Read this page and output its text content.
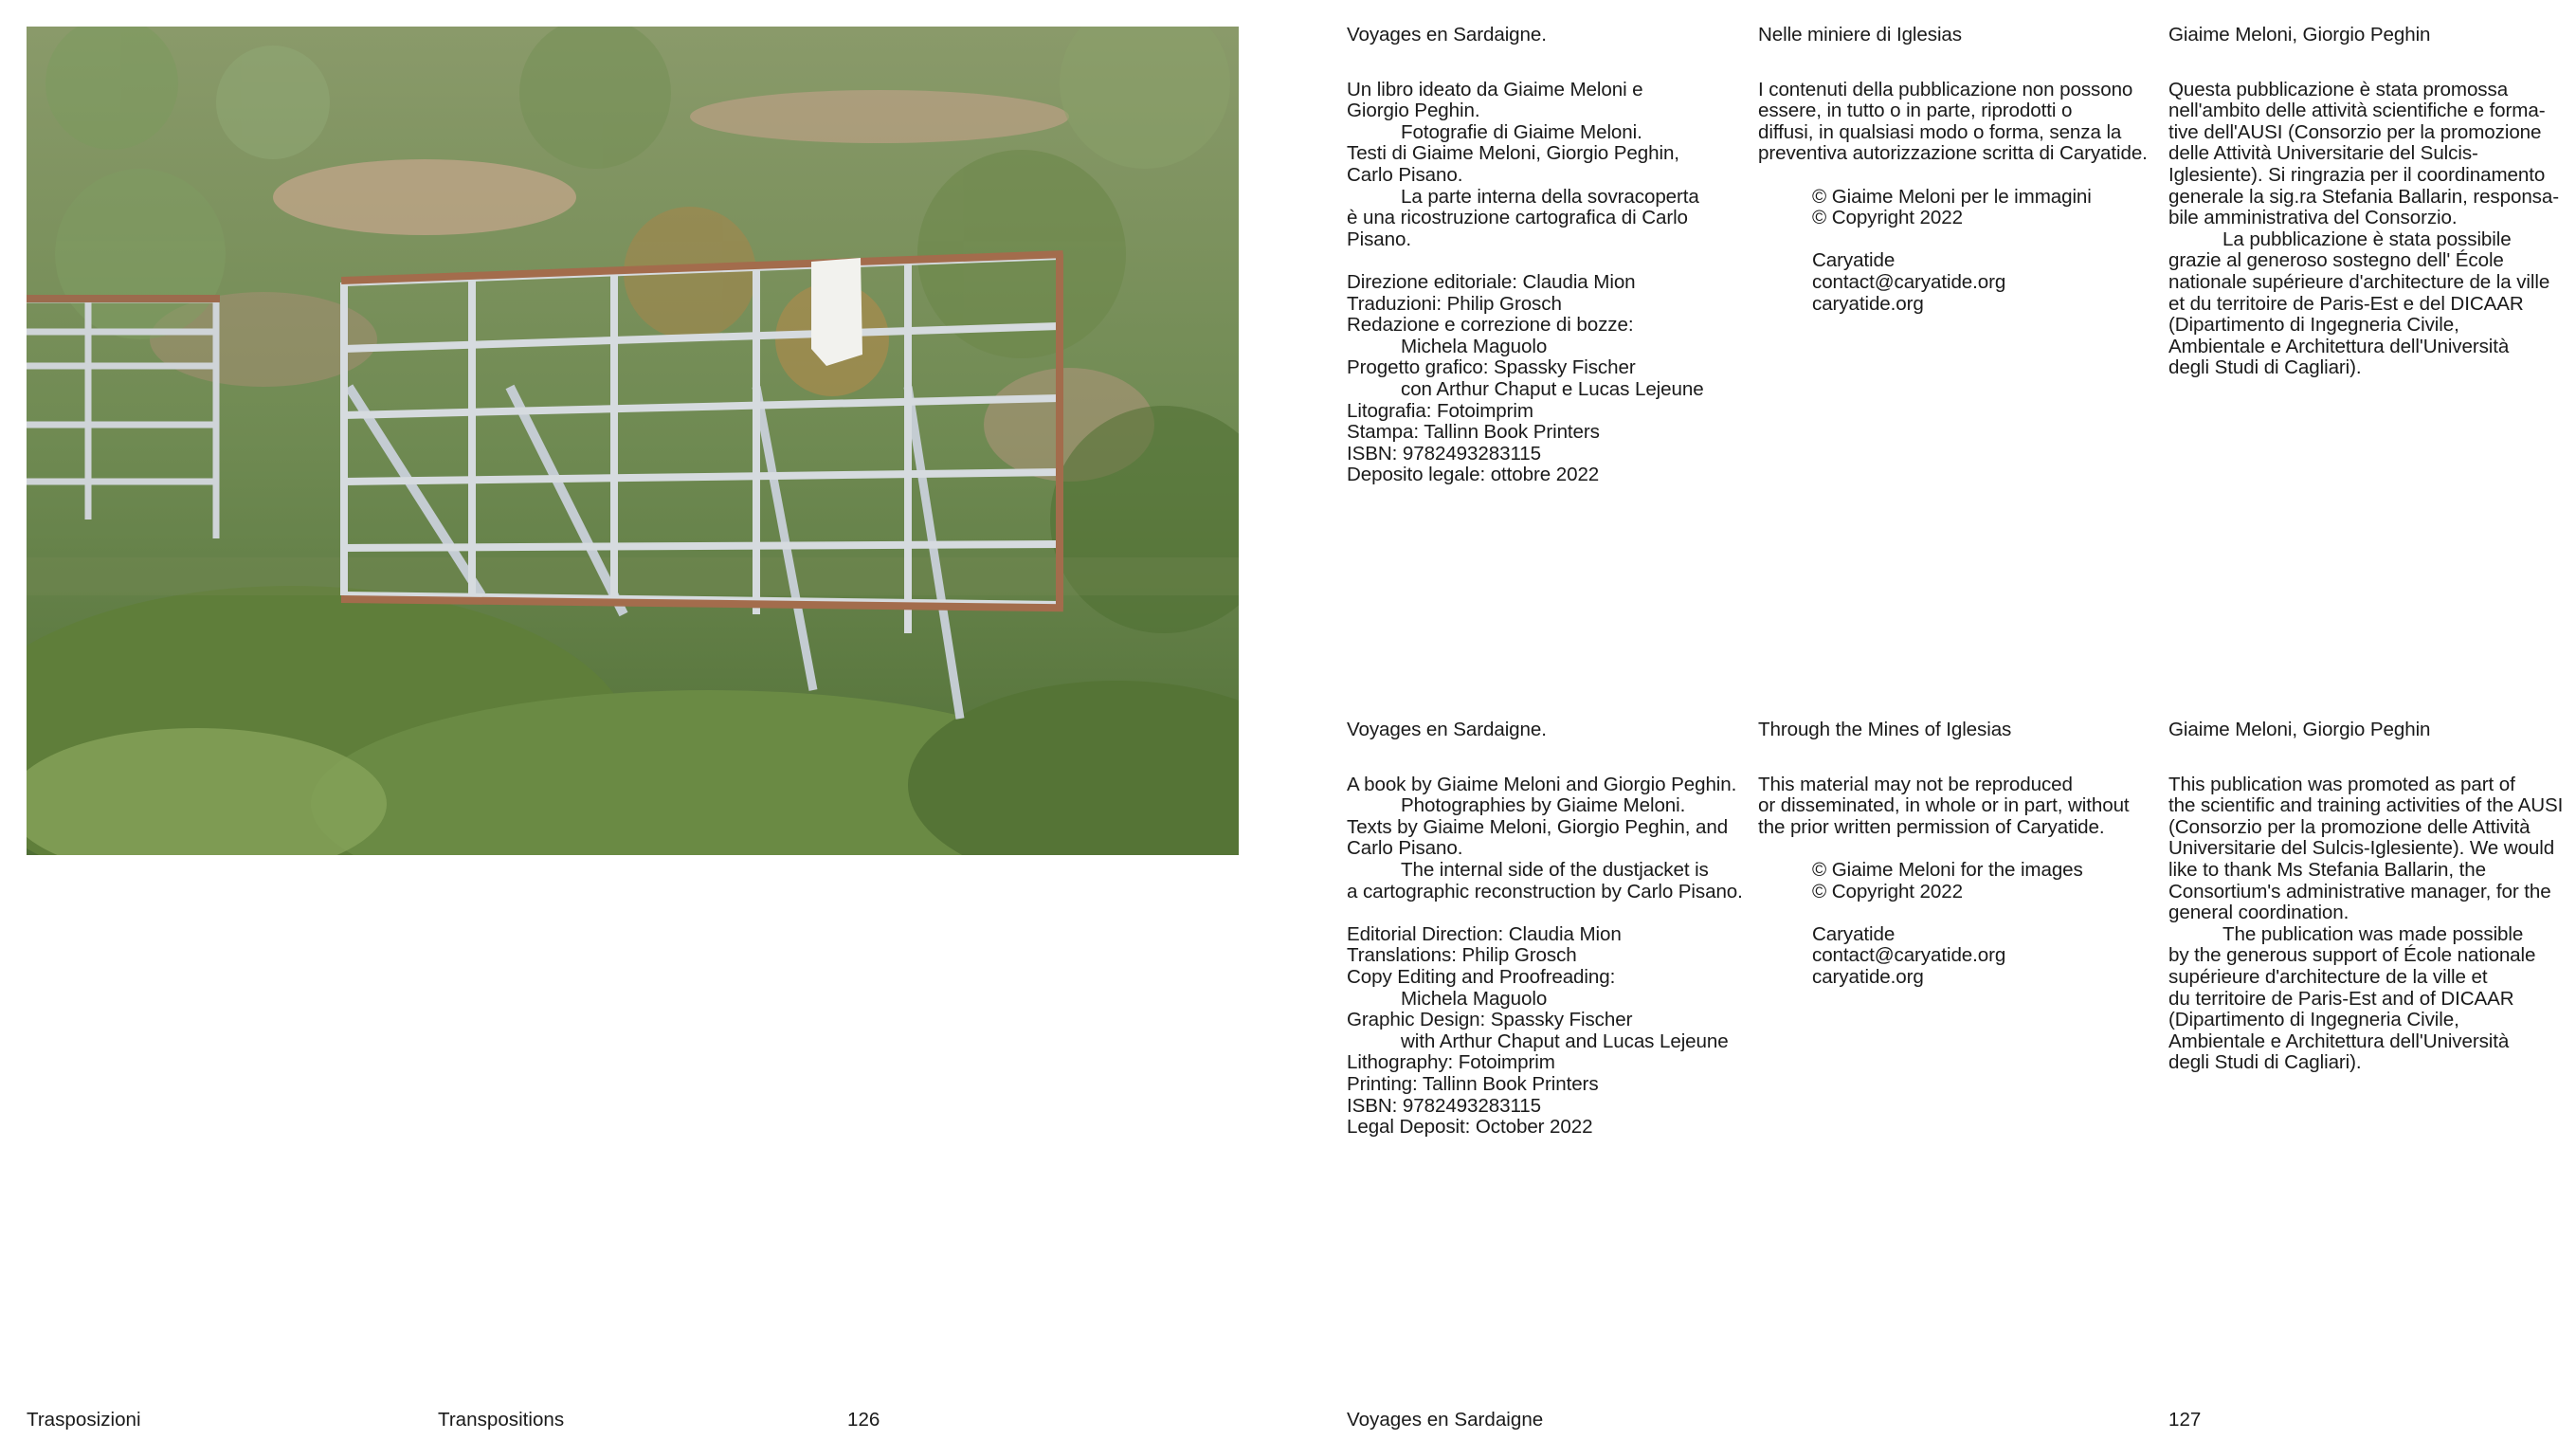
Voyages en Sardaigne.
Un libro ideato da Giaime Meloni e
Giorgio Peghin.
Fotografie di Giaime Meloni.
Testi di Giaime Meloni, Giorgio Peghin,
Carlo Pisano.
La parte interna della sovracoperta
è una ricostruzione cartografica di Carlo
Pisano.
Direzione editoriale: Claudia Mion
Traduzioni: Philip Grosch
Redazione e correzione di bozze:
Michela Maguolo
Progetto grafico: Spassky Fischer
con Arthur Chaput e Lucas Lejeune
Litografia: Fotoimprim
Stampa: Tallinn Book Printers
ISBN: 9782493283115
Deposito legale: ottobre 2022
Nelle miniere di Iglesias
I contenuti della pubblicazione non possono
essere, in tutto o in parte, riprodotti o
diffusi, in qualsiasi modo o forma, senza la
preventiva autorizzazione scritta di Caryatide.
© Giaime Meloni per le immagini
© Copyright 2022
Caryatide
contact@caryatide.org
caryatide.org
Giaime Meloni, Giorgio Peghin
Questa pubblicazione è stata promossa
nell'ambito delle attività scientifiche e forma-
tive dell'AUSI (Consorzio per la promozione
delle Attività Universitarie del Sulcis-
Iglesiente). Si ringrazia per il coordinamento
generale la sig.ra Stefania Ballarin, responsa-
bile amministrativa del Consorzio.
La pubblicazione è stata possibile
grazie al generoso sostegno dell' École
nationale supérieure d'architecture de la ville
et du territoire de Paris-Est e del DICAAR
(Dipartimento di Ingegneria Civile,
Ambientale e Architettura dell'Università
degli Studi di Cagliari).
Voyages en Sardaigne.
A book by Giaime Meloni and Giorgio Peghin.
Photographies by Giaime Meloni.
Texts by Giaime Meloni, Giorgio Peghin, and
Carlo Pisano.
The internal side of the dustjacket is
a cartographic reconstruction by Carlo Pisano.
Editorial Direction: Claudia Mion
Translations: Philip Grosch
Copy Editing and Proofreading:
Michela Maguolo
Graphic Design: Spassky Fischer
with Arthur Chaput and Lucas Lejeune
Lithography: Fotoimprim
Printing: Tallinn Book Printers
ISBN: 9782493283115
Legal Deposit: October 2022
Through the Mines of Iglesias
This material may not be reproduced
or disseminated, in whole or in part, without
the prior written permission of Caryatide.
© Giaime Meloni for the images
© Copyright 2022
Caryatide
contact@caryatide.org
caryatide.org
Giaime Meloni, Giorgio Peghin
This publication was promoted as part of
the scientific and training activities of the AUSI
(Consorzio per la promozione delle Attività
Universitarie del Sulcis-Iglesiente). We would
like to thank Ms Stefania Ballarin, the
Consortium's administrative manager, for the
general coordination.
The publication was made possible
by the generous support of École nationale
supérieure d'architecture de la ville et
du territoire de Paris-Est and of DICAAR
(Dipartimento di Ingegneria Civile,
Ambientale e Architettura dell'Università
degli Studi di Cagliari).
Trasposizioni	Transpositions	126	Voyages en Sardaigne	127
